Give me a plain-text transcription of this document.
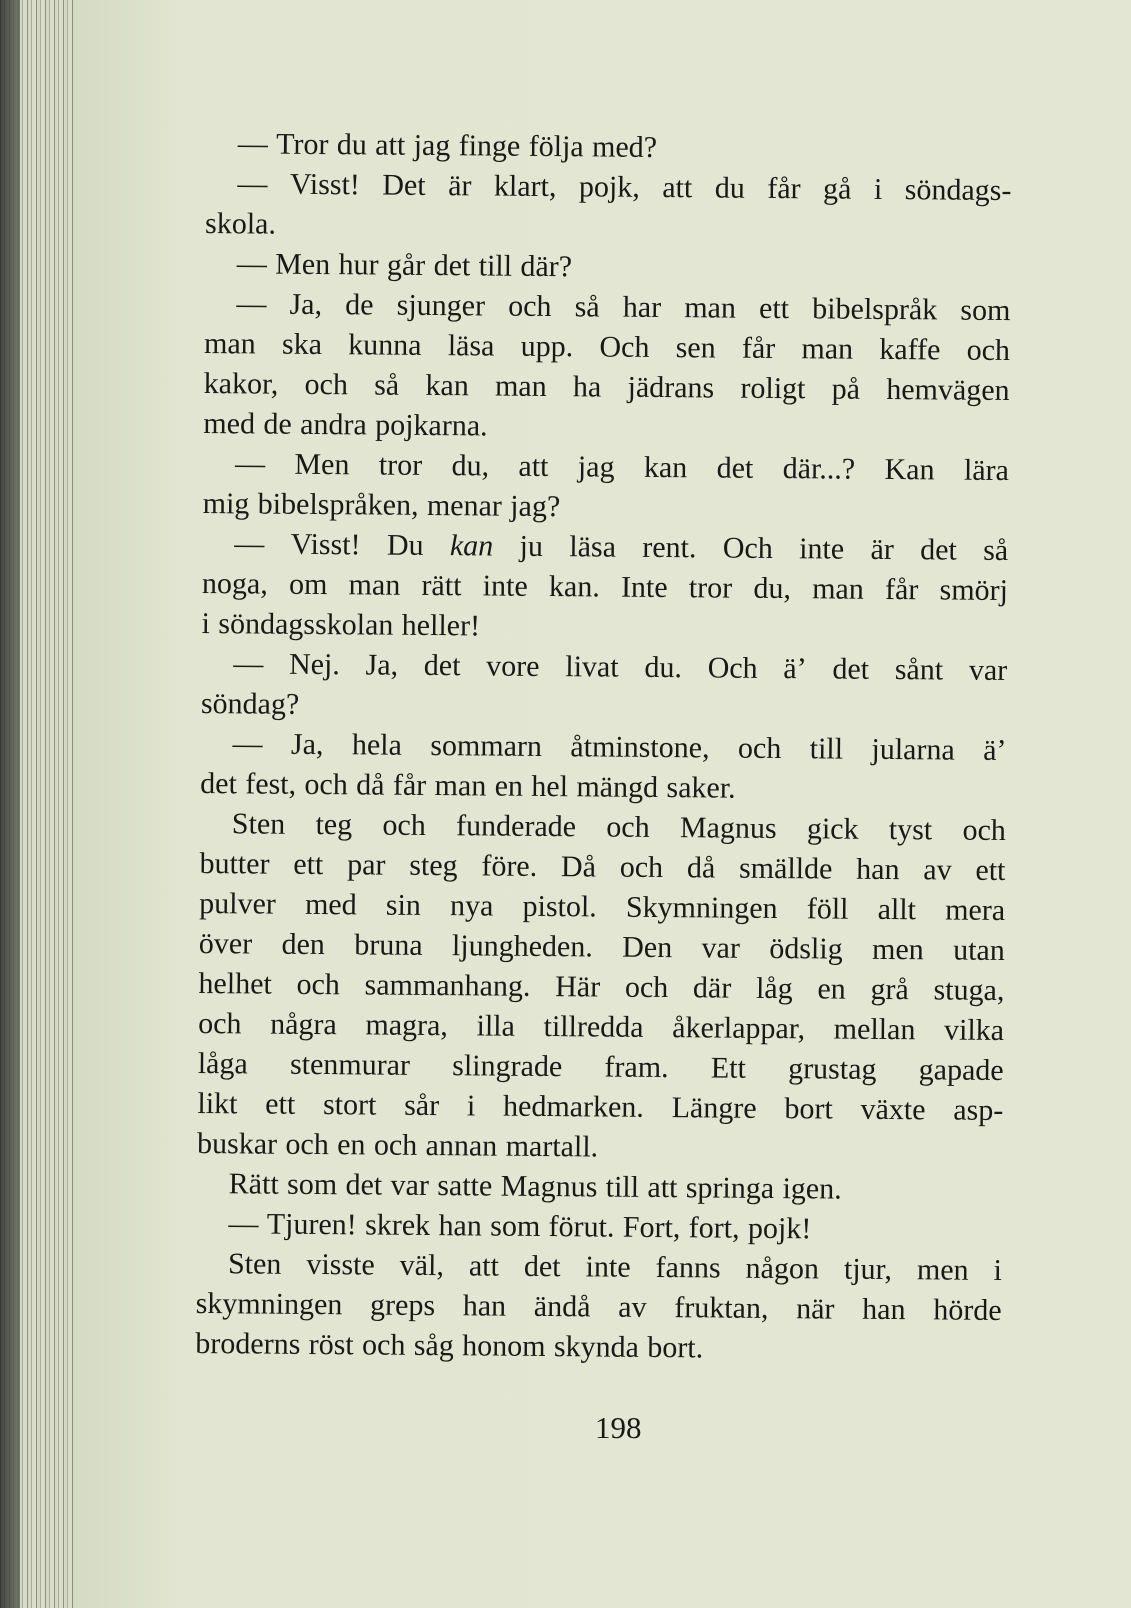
— Tror du att jag finge följa med?
— Visst! Det är klart, pojk, att du får gå i söndags-
skola.
— Men hur går det till där?
— Ja, de sjunger och så har man ett bibelspråk som
man ska kunna läsa upp. Och sen får man kaffe och
kakor, och så kan man ha jädrans roligt på hemvägen
med de andra pojkarna.
— Men tror du, att jag kan det där...? Kan lära
mig bibelspråken, menar jag?
— Visst! Du kan ju läsa rent. Och inte är det så
noga, om man rätt inte kan. Inte tror du, man får smörj
i söndagsskolan heller!
— Nej. Ja, det vore livat du. Och ä’ det sånt var
söndag?
— Ja, hela sommarn åtminstone, och till jularna ä’
det fest, och då får man en hel mängd saker.
Sten teg och funderade och Magnus gick tyst och
butter ett par steg före. Då och då smällde han av ett
pulver med sin nya pistol. Skymningen föll allt mera
över den bruna ljungheden. Den var ödslig men utan
helhet och sammanhang. Här och där låg en grå stuga,
och några magra, illa tillredda åkerlappar, mellan vilka
låga stenmurar slingrade fram. Ett grustag gapade
likt ett stort sår i hedmarken. Längre bort växte asp-
buskar och en och annan martall.
Rätt som det var satte Magnus till att springa igen.
— Tjuren! skrek han som förut. Fort, fort, pojk!
Sten visste väl, att det inte fanns någon tjur, men i
skymningen greps han ändå av fruktan, när han hörde
broderns röst och såg honom skynda bort.
198
